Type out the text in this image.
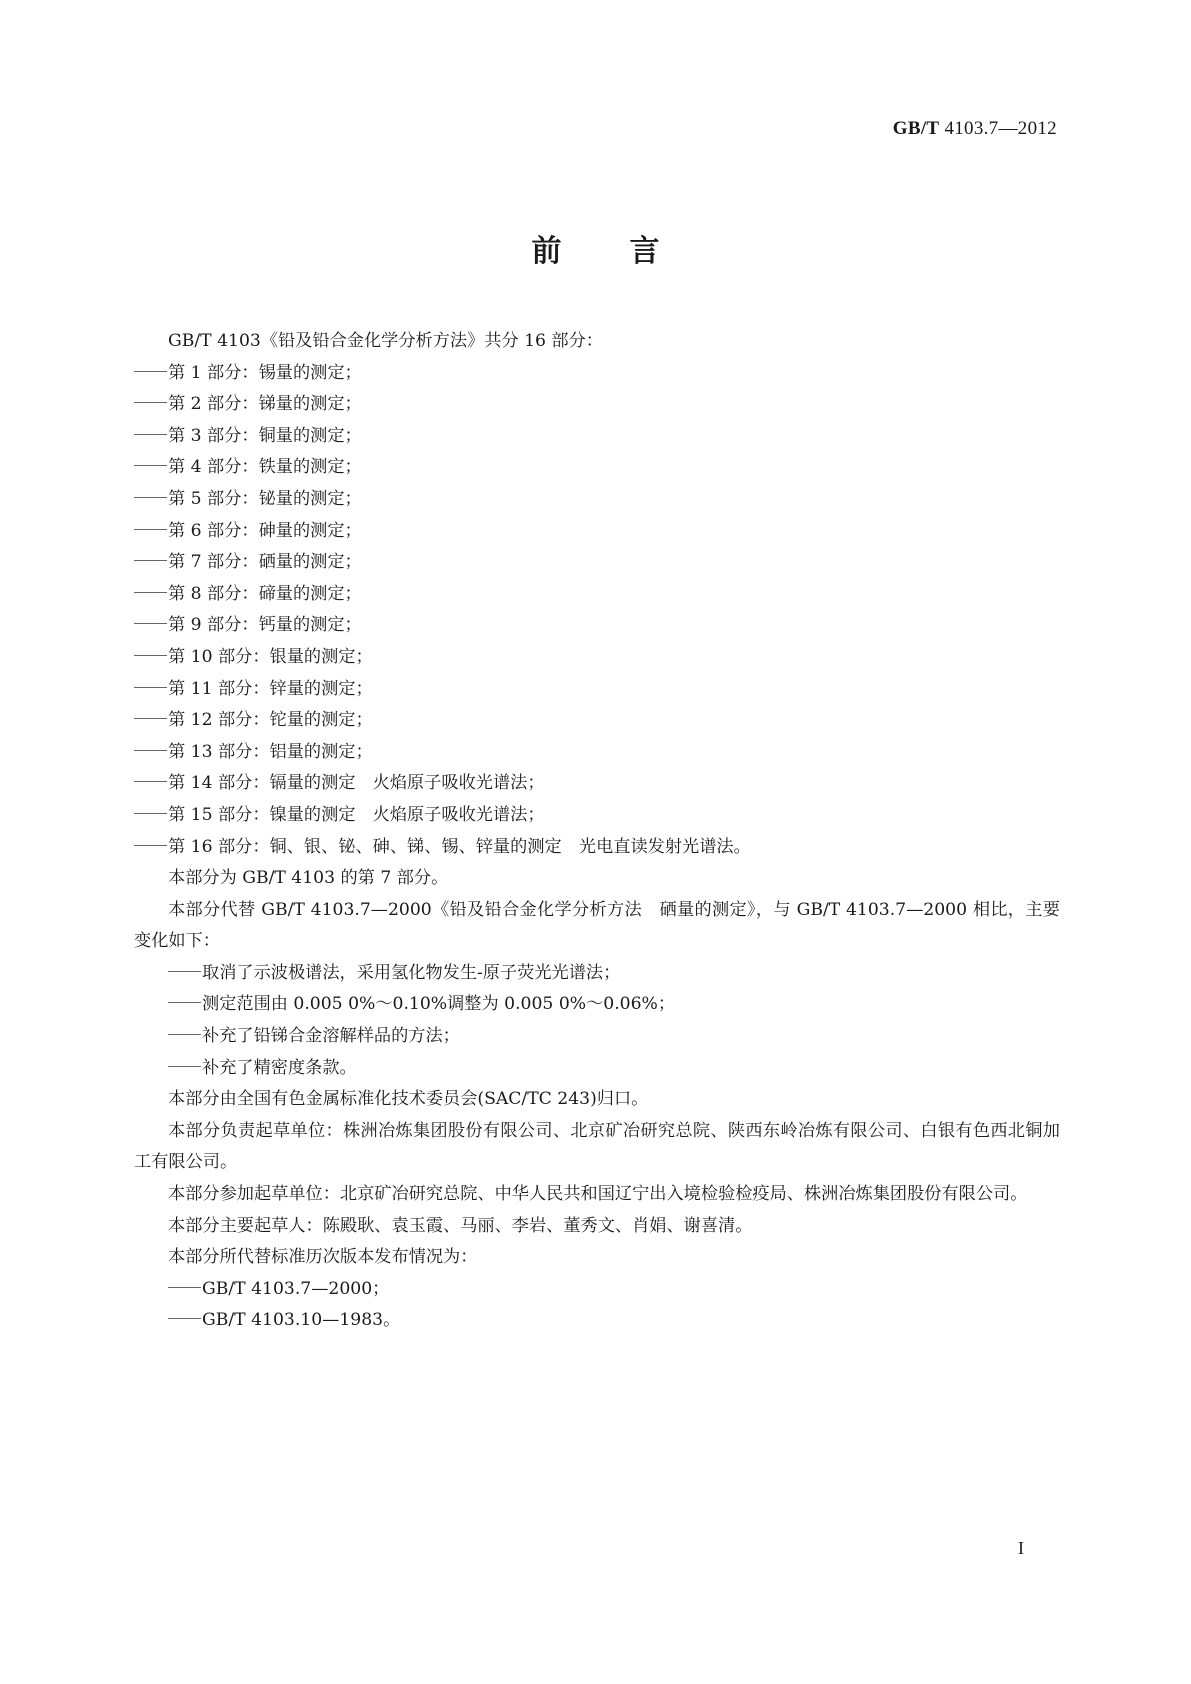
GB/T 4103.7—2012
前 言
GB/T 4103《铅及铅合金化学分析方法》共分 16 部分：
第 1 部分：锡量的测定；
第 2 部分：锑量的测定；
第 3 部分：铜量的测定；
第 4 部分：铁量的测定；
第 5 部分：铋量的测定；
第 6 部分：砷量的测定；
第 7 部分：硒量的测定；
第 8 部分：碲量的测定；
第 9 部分：钙量的测定；
第 10 部分：银量的测定；
第 11 部分：锌量的测定；
第 12 部分：铊量的测定；
第 13 部分：铝量的测定；
第 14 部分：镉量的测定　火焰原子吸收光谱法；
第 15 部分：镍量的测定　火焰原子吸收光谱法；
第 16 部分：铜、银、铋、砷、锑、锡、锌量的测定　光电直读发射光谱法。
本部分为 GB/T 4103 的第 7 部分。
本部分代替 GB/T 4103.7—2000《铅及铅合金化学分析方法　硒量的测定》，与 GB/T 4103.7—2000 相比，主要变化如下：
取消了示波极谱法，采用氢化物发生-原子荧光光谱法；
测定范围由 0.005 0%～0.10%调整为 0.005 0%～0.06%；
补充了铅锑合金溶解样品的方法；
补充了精密度条款。
本部分由全国有色金属标准化技术委员会(SAC/TC 243)归口。
本部分负责起草单位：株洲冶炼集团股份有限公司、北京矿冶研究总院、陕西东岭冶炼有限公司、白银有色西北铜加工有限公司。
本部分参加起草单位：北京矿冶研究总院、中华人民共和国辽宁出入境检验检疫局、株洲冶炼集团股份有限公司。
本部分主要起草人：陈殿耿、袁玉霞、马丽、李岩、董秀文、肖娟、谢喜清。
本部分所代替标准历次版本发布情况为：
GB/T 4103.7—2000；
GB/T 4103.10—1983。
I
